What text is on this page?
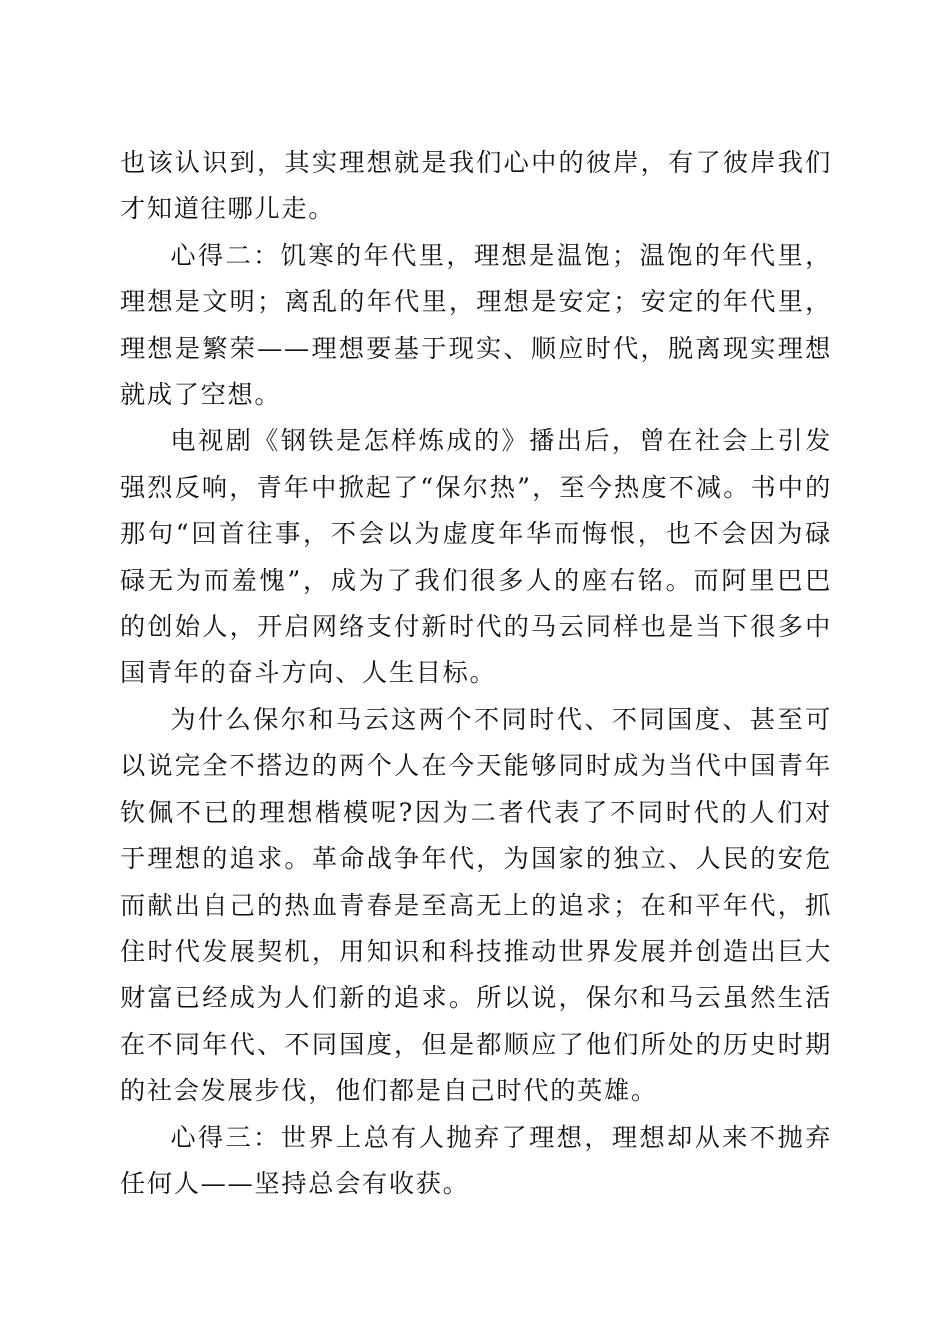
也该认识到，其实理想就是我们心中的彼岸，有了彼岸我们才知道往哪儿走。

心得二：饥寒的年代里，理想是温饱；温饱的年代里，理想是文明；离乱的年代里，理想是安定；安定的年代里，理想是繁荣——理想要基于现实、顺应时代，脱离现实理想就成了空想。

电视剧《钢铁是怎样炼成的》播出后，曾在社会上引发强烈反响，青年中掀起了“保尔热”，至今热度不减。书中的那句“回首往事，不会以为虚度年华而悔恨，也不会因为碌碌无为而羞愧”，成为了我们很多人的座右铭。而阿里巴巴的创始人，开启网络支付新时代的马云同样也是当下很多中国青年的奋斗方向、人生目标。

为什么保尔和马云这两个不同时代、不同国度、甚至可以说完全不搭边的两个人在今天能够同时成为当代中国青年钦佩不已的理想楷模呢?因为二者代表了不同时代的人们对于理想的追求。革命战争年代，为国家的独立、人民的安危而献出自己的热血青春是至高无上的追求；在和平年代，抓住时代发展契机，用知识和科技推动世界发展并创造出巨大财富已经成为人们新的追求。所以说，保尔和马云虽然生活在不同年代、不同国度，但是都顺应了他们所处的历史时期的社会发展步伐，他们都是自己时代的英雄。

心得三：世界上总有人抛弃了理想，理想却从来不抛弃任何人——坚持总会有收获。
